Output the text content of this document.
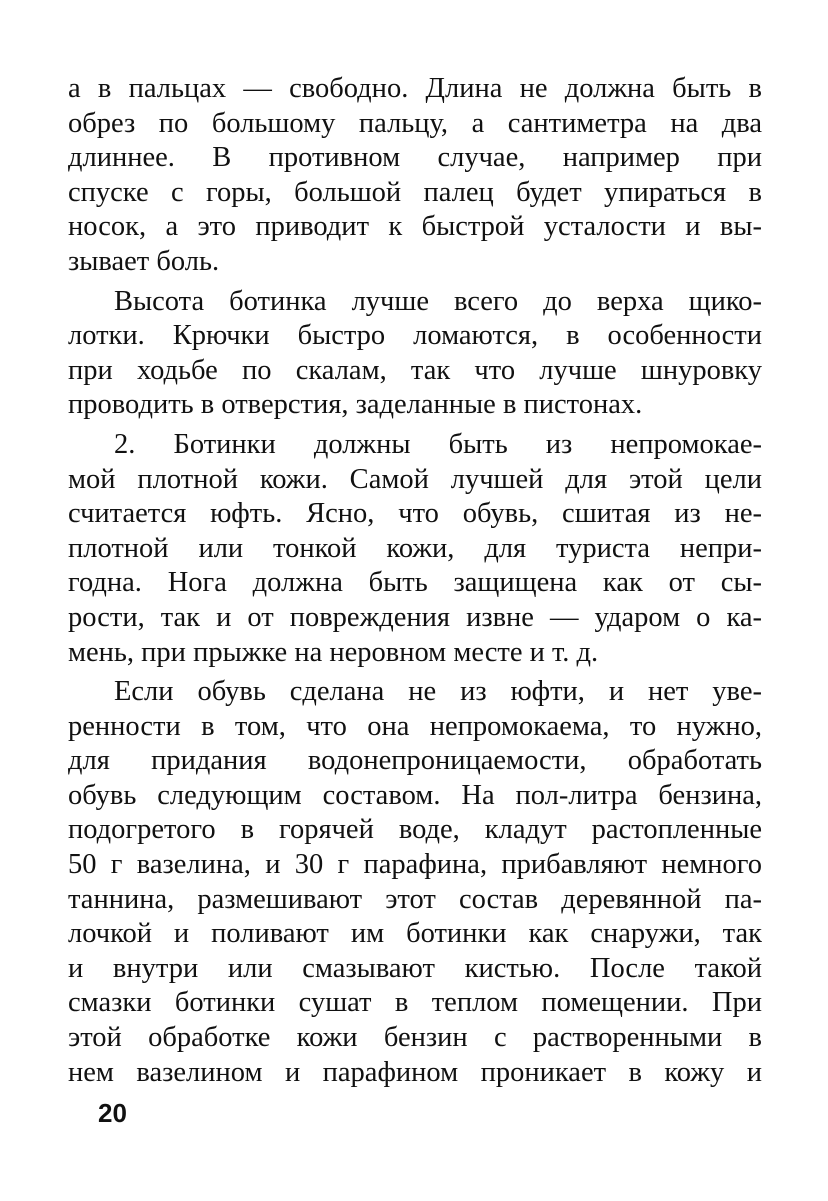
а в пальцах — свободно. Длина не должна быть в
обрез по большому пальцу, а сантиметра на два
длиннее. В противном случае, например при
спуске с горы, большой палец будет упираться в
носок, а это приводит к быстрой усталости и вы-
зывает боль.
Высота ботинка лучше всего до верха щико-
лотки. Крючки быстро ломаются, в особенности
при ходьбе по скалам, так что лучше шнуровку
проводить в отверстия, заделанные в пистонах.
2. Ботинки должны быть из непромокае-
мой плотной кожи. Самой лучшей для этой цели
считается юфть. Ясно, что обувь, сшитая из не-
плотной или тонкой кожи, для туриста непри-
годна. Нога должна быть защищена как от сы-
рости, так и от повреждения извне — ударом о ка-
мень, при прыжке на неровном месте и т. д.
Если обувь сделана не из юфти, и нет уве-
ренности в том, что она непромокаема, то нужно,
для придания водонепроницаемости, обработать
обувь следующим составом. На пол-литра бензина,
подогретого в горячей воде, кладут растопленные
50 г вазелина, и 30 г парафина, прибавляют немного
таннина, размешивают этот состав деревянной па-
лочкой и поливают им ботинки как снаружи, так
и внутри или смазывают кистью. После такой
смазки ботинки сушат в теплом помещении. При
этой обработке кожи бензин с растворенными в
нем вазелином и парафином проникает в кожу и
20
